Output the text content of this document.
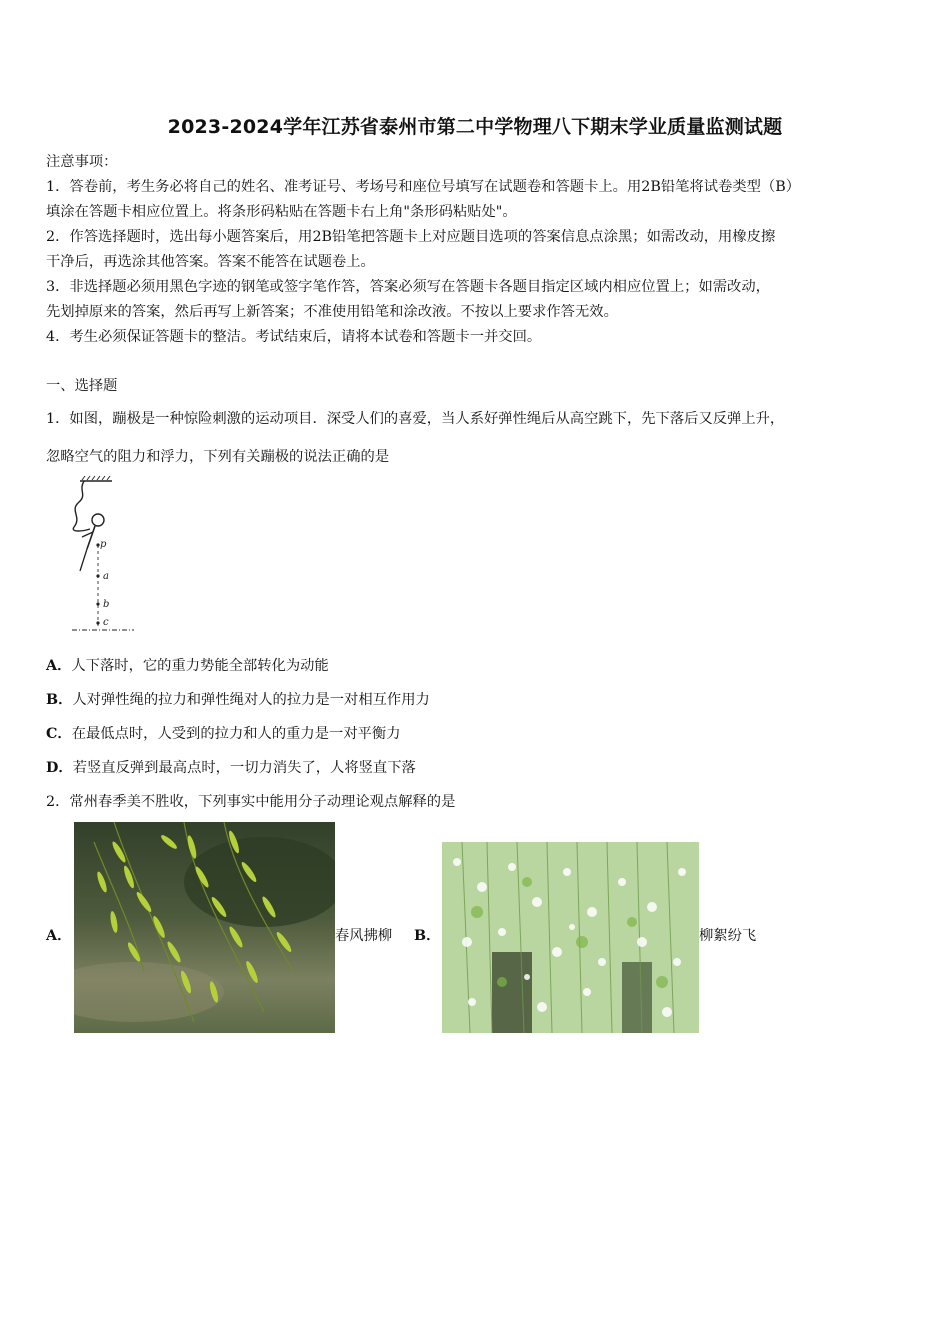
2023-2024学年江苏省泰州市第二中学物理八下期末学业质量监测试题

注意事项：

1．答卷前，考生务必将自己的姓名、准考证号、考场号和座位号填写在试题卷和答题卡上。用2B铅笔将试卷类型（B）

填涂在答题卡相应位置上。将条形码粘贴在答题卡右上角"条形码粘贴处"。

2．作答选择题时，选出每小题答案后，用2B铅笔把答题卡上对应题目选项的答案信息点涂黑；如需改动，用橡皮擦

干净后，再选涂其他答案。答案不能答在试题卷上。

3．非选择题必须用黑色字迹的钢笔或签字笔作答，答案必须写在答题卡各题目指定区域内相应位置上；如需改动，

先划掉原来的答案，然后再写上新答案；不准使用铅笔和涂改液。不按以上要求作答无效。

4．考生必须保证答题卡的整洁。考试结束后，请将本试卷和答题卡一并交回。

一、选择题

1．如图，蹦极是一种惊险刺激的运动项目．深受人们的喜爱，当人系好弹性绳后从高空跳下，先下落后又反弹上升，

忽略空气的阻力和浮力，下列有关蹦极的说法正确的是

p
a
b
c
A．人下落时，它的重力势能全部转化为动能
B．人对弹性绳的拉力和弹性绳对人的拉力是一对相互作用力
C．在最低点时，人受到的拉力和人的重力是一对平衡力
D．若竖直反弹到最高点时，一切力消失了，人将竖直下落
2．常州春季美不胜收，下列事实中能用分子动理论观点解释的是
A．	春风拂柳 B．	柳絮纷飞
